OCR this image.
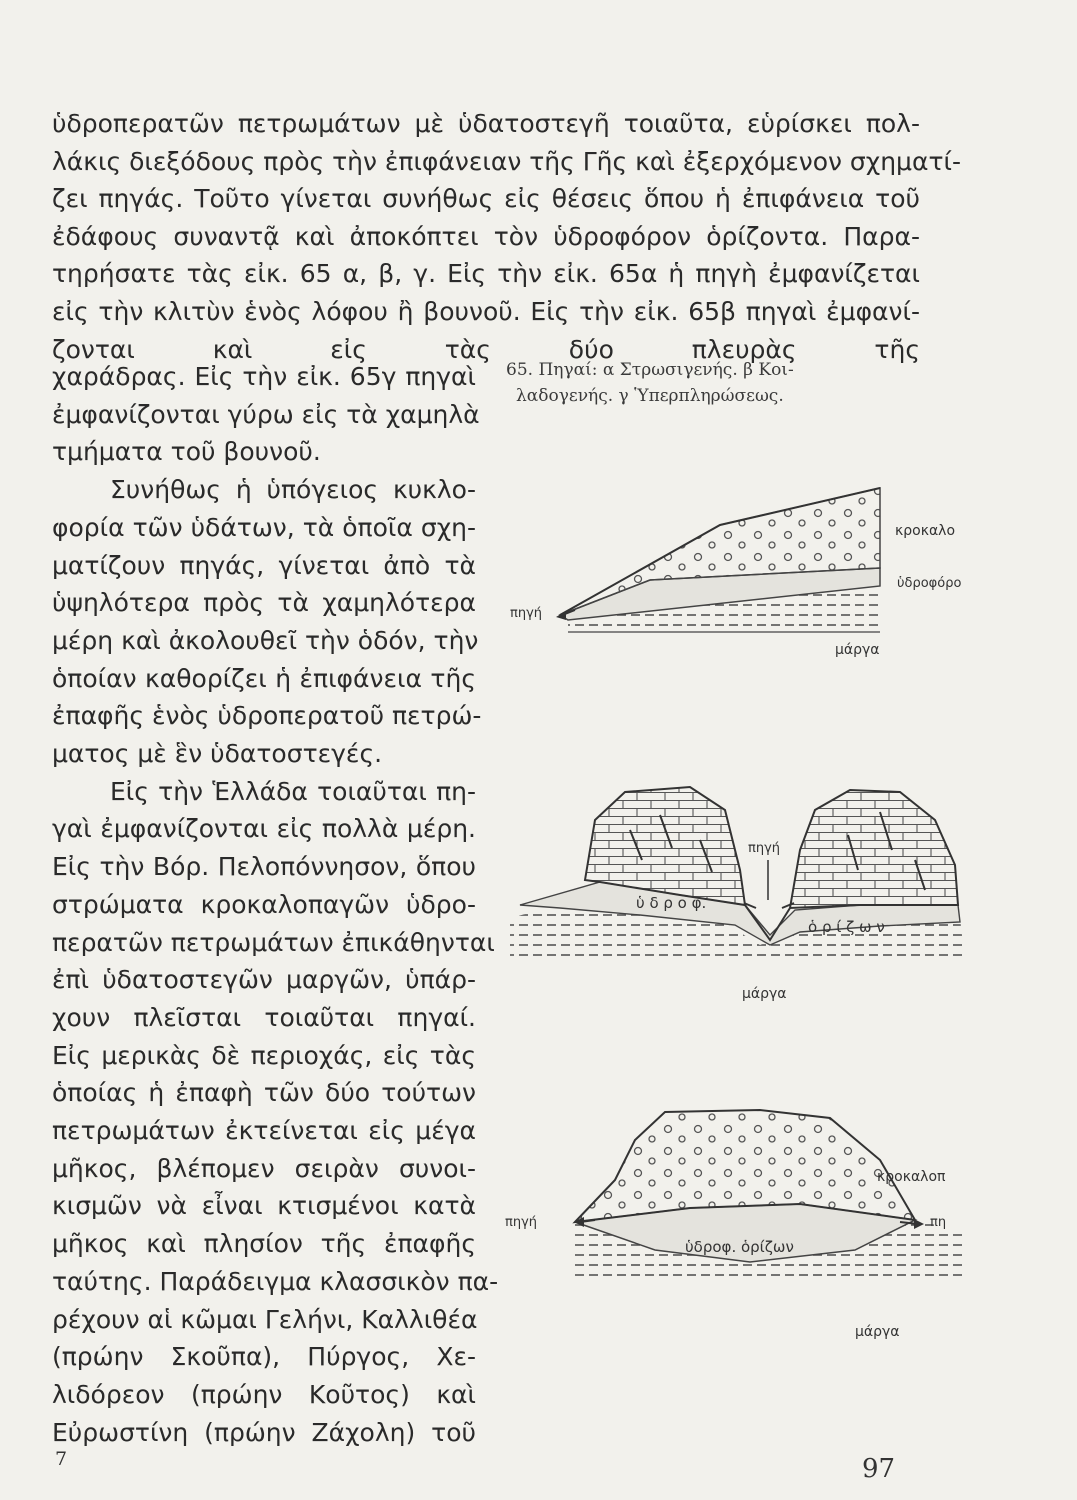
ὑδροπερατῶν πετρωμάτων μὲ ὑδατοστεγῆ τοιαῦτα, εὑρίσκει πολ-
λάκις διεξόδους πρὸς τὴν ἐπιφάνειαν τῆς Γῆς καὶ ἐξερχόμενον σχηματί-
ζει πηγάς. Τοῦτο γίνεται συνήθως εἰς θέσεις ὅπου ἡ ἐπιφάνεια τοῦ
ἐδάφους συναντᾷ καὶ ἀποκόπτει τὸν ὑδροφόρον ὁρίζοντα. Παρα-
τηρήσατε τὰς εἰκ. 65 α, β, γ. Εἰς τὴν εἰκ. 65α ἡ πηγὴ ἐμφανίζεται
εἰς τὴν κλιτὺν ἑνὸς λόφου ἢ βουνοῦ. Εἰς τὴν εἰκ. 65β πηγαὶ ἐμφανί-
ζονται καὶ εἰς τὰς δύο πλευρὰς τῆς
χαράδρας. Εἰς τὴν εἰκ. 65γ πηγαὶ
ἐμφανίζονται γύρω εἰς τὰ χαμηλὰ
τμήματα τοῦ βουνοῦ.
Συνήθως ἡ ὑπόγειος κυκλο-
φορία τῶν ὑδάτων, τὰ ὁποῖα σχη-
ματίζουν πηγάς, γίνεται ἀπὸ τὰ
ὑψηλότερα πρὸς τὰ χαμηλότερα
μέρη καὶ ἀκολουθεῖ τὴν ὁδόν, τὴν
ὁποίαν καθορίζει ἡ ἐπιφάνεια τῆς
ἐπαφῆς ἑνὸς ὑδροπερατοῦ πετρώ-
ματος μὲ ἓν ὑδατοστεγές.
Εἰς τὴν Ἑλλάδα τοιαῦται πη-
γαὶ ἐμφανίζονται εἰς πολλὰ μέρη.
Εἰς τὴν Βόρ. Πελοπόννησον, ὅπου
στρώματα κροκαλοπαγῶν ὑδρο-
περατῶν πετρωμάτων ἐπικάθηνται
ἐπὶ ὑδατοστεγῶν μαργῶν, ὑπάρ-
χουν πλεῖσται τοιαῦται πηγαί.
Εἰς μερικὰς δὲ περιοχάς, εἰς τὰς
ὁποίας ἡ ἐπαφὴ τῶν δύο τούτων
πετρωμάτων ἐκτείνεται εἰς μέγα
μῆκος, βλέπομεν σειρὰν συνοι-
κισμῶν νὰ εἶναι κτισμένοι κατὰ
μῆκος καὶ πλησίον τῆς ἐπαφῆς
ταύτης. Παράδειγμα κλασσικὸν πα-
ρέχουν αἱ κῶμαι Γελήνι, Καλλιθέα
(πρώην Σκοῦπα), Πύργος, Χε-
λιδόρεον (πρώην Κοῦτος) καὶ
Εὐρωστίνη (πρώην Ζάχολη) τοῦ
65. Πηγαί: α Στρωσιγενής. β Κοι-
λαδογενής. γ Ὑπερπληρώσεως.
κροκαλο
ὑδροφόρο
πηγή
μάργα
πηγή
ὑ δ ρ ο φ.
ὁ ρ ί ζ ω ν
μάργα
κροκαλοπ
πηγή	πη
ὑδροφ. ὁρίζων
μάργα
7	97
